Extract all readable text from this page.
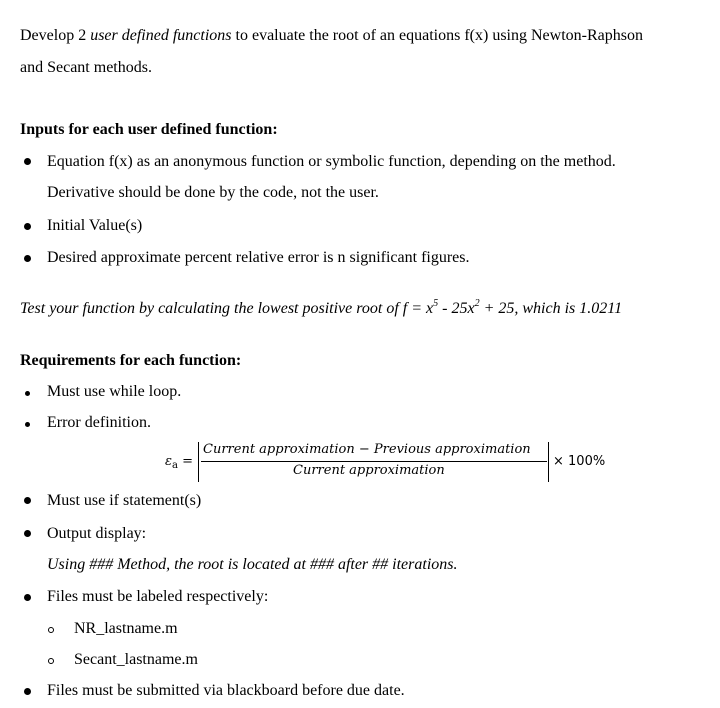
Develop 2 user defined functions to evaluate the root of an equations f(x) using Newton-Raphson
and Secant methods.
Inputs for each user defined function:
Equation f(x) as an anonymous function or symbolic function, depending on the method.
Derivative should be done by the code, not the user.
Initial Value(s)
Desired approximate percent relative error is n significant figures.
Test your function by calculating the lowest positive root of $f = x^5 - 25x^2 + 25$, which is 1.0211
Requirements for each function:
Must use while loop.
Error definition.
$\varepsilon_a$ =
Current approximation − Previous approximation
Current approximation
× 100%
Must use if statement(s)
Output display:
Using ### Method, the root is located at ### after ## iterations.
Files must be labeled respectively:
NR_lastname.m
Secant_lastname.m
Files must be submitted via blackboard before due date.
